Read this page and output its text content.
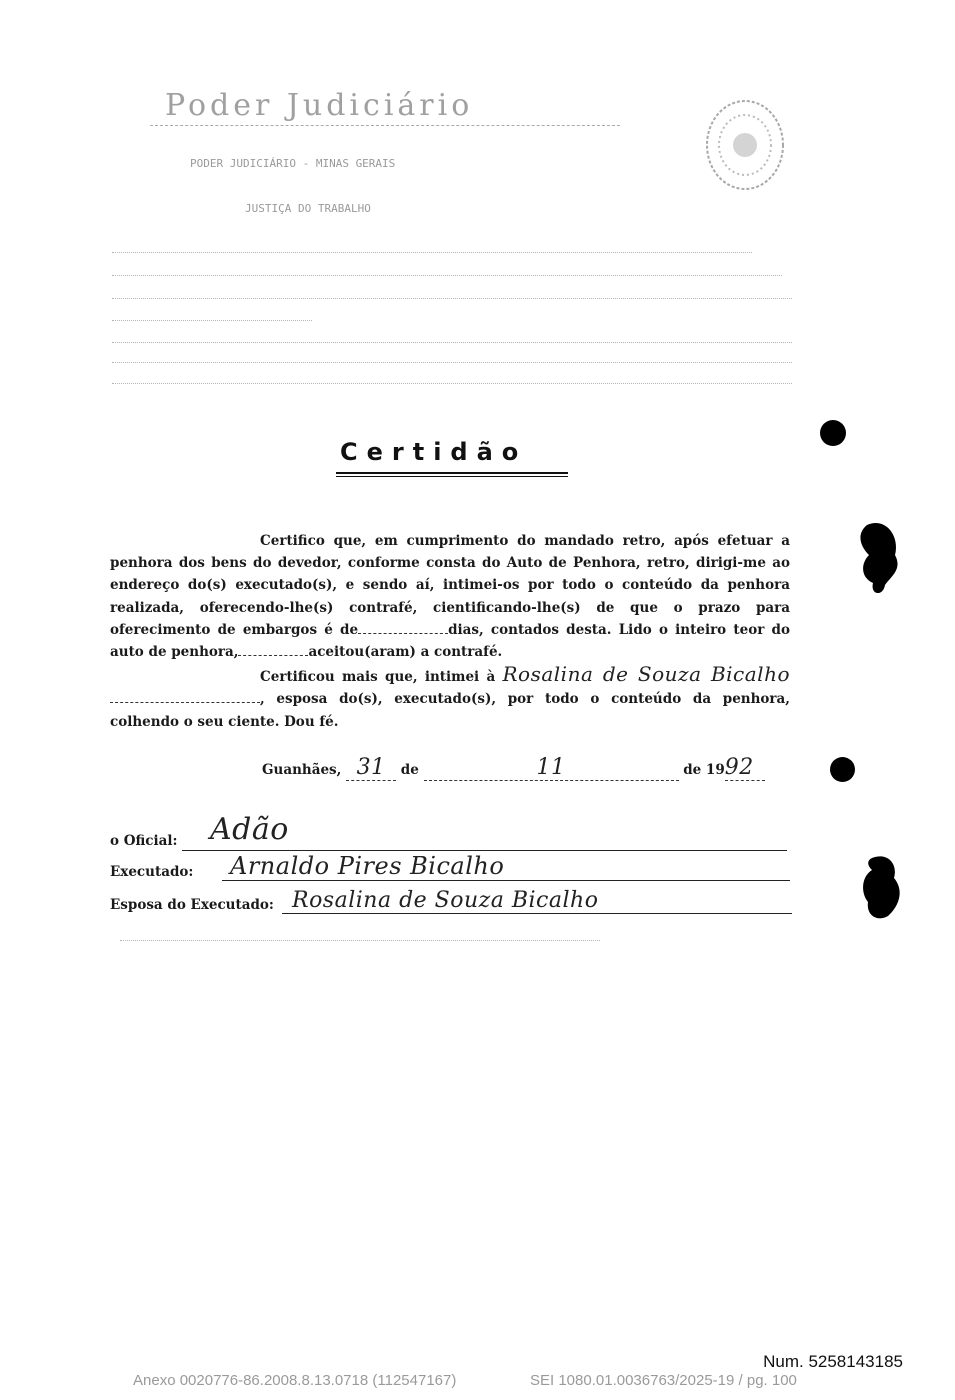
Poder Judiciário
PODER JUDICIÁRIO - MINAS GERAIS
JUSTIÇA DO TRABALHO
Certidão

Certifico que, em cumprimento do mandado retro, após efetuar a penhora dos bens do devedor, conforme consta do Auto de Penhora, retro, dirigi-me ao endereço do(s) executado(s), e sendo aí, intimei-os por todo o conteúdo da penhora realizada, oferecendo-lhe(s) contrafé, cientificando-lhe(s) de que o prazo para oferecimento de embargos é de	dias, contados desta. Lido o inteiro teor do auto de penhora,	aceitou(aram) a contrafé.

Certificou mais que, intimei à Rosalina de Souza Bicalho , esposa do(s), executado(s), por todo o conteúdo da penhora, colhendo o seu ciente. Dou fé.

Guanhães, 31 de	11	de 1992
o Oficial: Adão
Executado: Arnaldo Pires Bicalho
Esposa do Executado: Rosalina de Souza Bicalho
Num. 5258143185
Anexo 0020776-86.2008.8.13.0718 (112547167)	SEI 1080.01.0036763/2025-19 / pg. 100
